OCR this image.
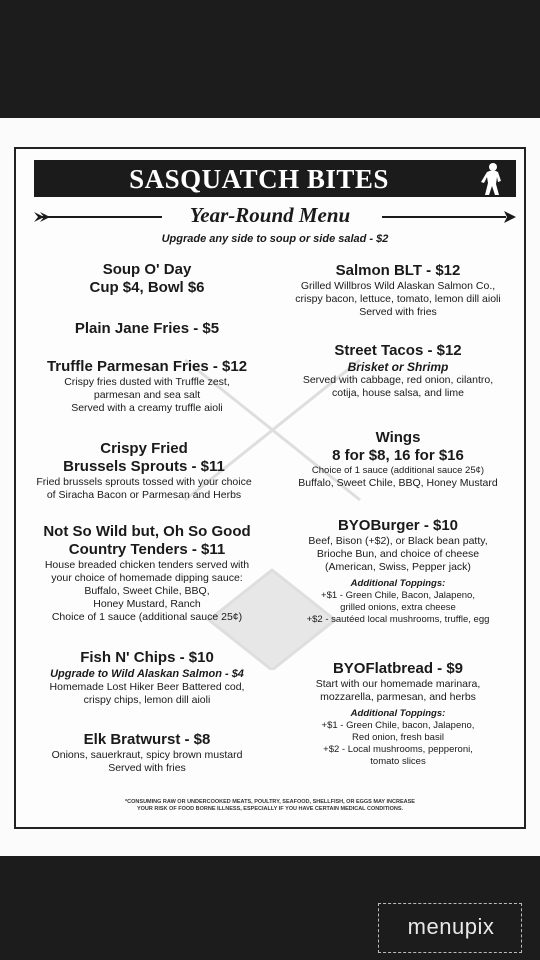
SASQUATCH BITES
Year-Round Menu
Upgrade any side to soup or side salad - $2
Soup O' Day
Cup $4, Bowl $6
Plain Jane Fries - $5
Truffle Parmesan Fries - $12
Crispy fries dusted with Truffle zest,
parmesan and sea salt
Served with a creamy truffle aioli
Crispy Fried
Brussels Sprouts - $11
Fried brussels sprouts tossed with your choice
of Siracha Bacon or Parmesan and Herbs
Not So Wild but, Oh So Good
Country Tenders - $11
House breaded chicken tenders served with
your choice of homemade dipping sauce:
Buffalo, Sweet Chile, BBQ,
Honey Mustard, Ranch
Choice of 1 sauce (additional sauce 25¢)
Fish N' Chips - $10
Upgrade to Wild Alaskan Salmon - $4
Homemade Lost Hiker Beer Battered cod,
crispy chips, lemon dill aioli
Elk Bratwurst - $8
Onions, sauerkraut, spicy brown mustard
Served with fries
Salmon BLT - $12
Grilled Willbros Wild Alaskan Salmon Co.,
crispy bacon, lettuce, tomato, lemon dill aioli
Served with fries
Street Tacos - $12
Brisket or Shrimp
Served with cabbage, red onion, cilantro,
cotija, house salsa, and lime
Wings
8 for $8, 16 for $16
Choice of 1 sauce (additional sauce 25¢)
Buffalo, Sweet Chile, BBQ, Honey Mustard
BYOBurger - $10
Beef, Bison (+$2), or Black bean patty,
Brioche Bun, and choice of cheese
(American, Swiss, Pepper jack)
Additional Toppings:
+$1 - Green Chile, Bacon, Jalapeno,
grilled onions, extra cheese
+$2 - sautéed local mushrooms, truffle, egg
BYOFlatbread - $9
Start with our homemade marinara,
mozzarella, parmesan, and herbs
Additional Toppings:
+$1 - Green Chile, bacon, Jalapeno,
Red onion, fresh basil
+$2 - Local mushrooms, pepperoni,
tomato slices
*CONSUMING RAW OR UNDERCOOKED MEATS, POULTRY, SEAFOOD, SHELLFISH, OR EGGS MAY INCREASE
YOUR RISK OF FOOD BORNE ILLNESS, ESPECIALLY IF YOU HAVE CERTAIN MEDICAL CONDITIONS.
menupix
